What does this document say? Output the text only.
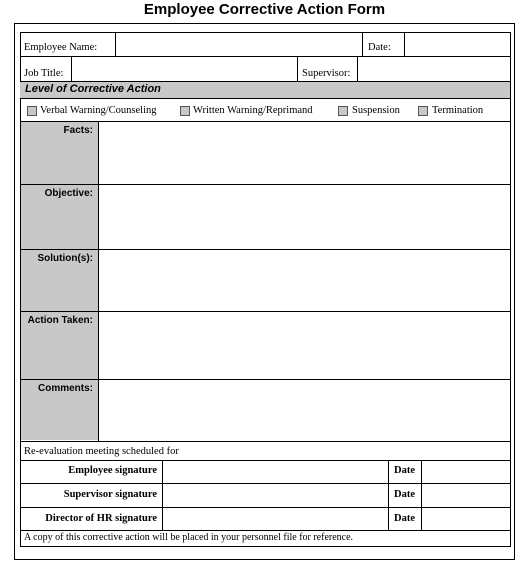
Employee Corrective Action Form
Employee Name:	Date:
Job Title:	Supervisor:
Level of Corrective Action
Verbal Warning/Counseling	Written Warning/Reprimand	Suspension	Termination
Facts:
Objective:
Solution(s):
Action Taken:
Comments:
Re-evaluation meeting scheduled for
Employee signature	Date
Supervisor signature	Date
Director of HR signature	Date
A copy of this corrective action will be placed in your personnel file for reference.
